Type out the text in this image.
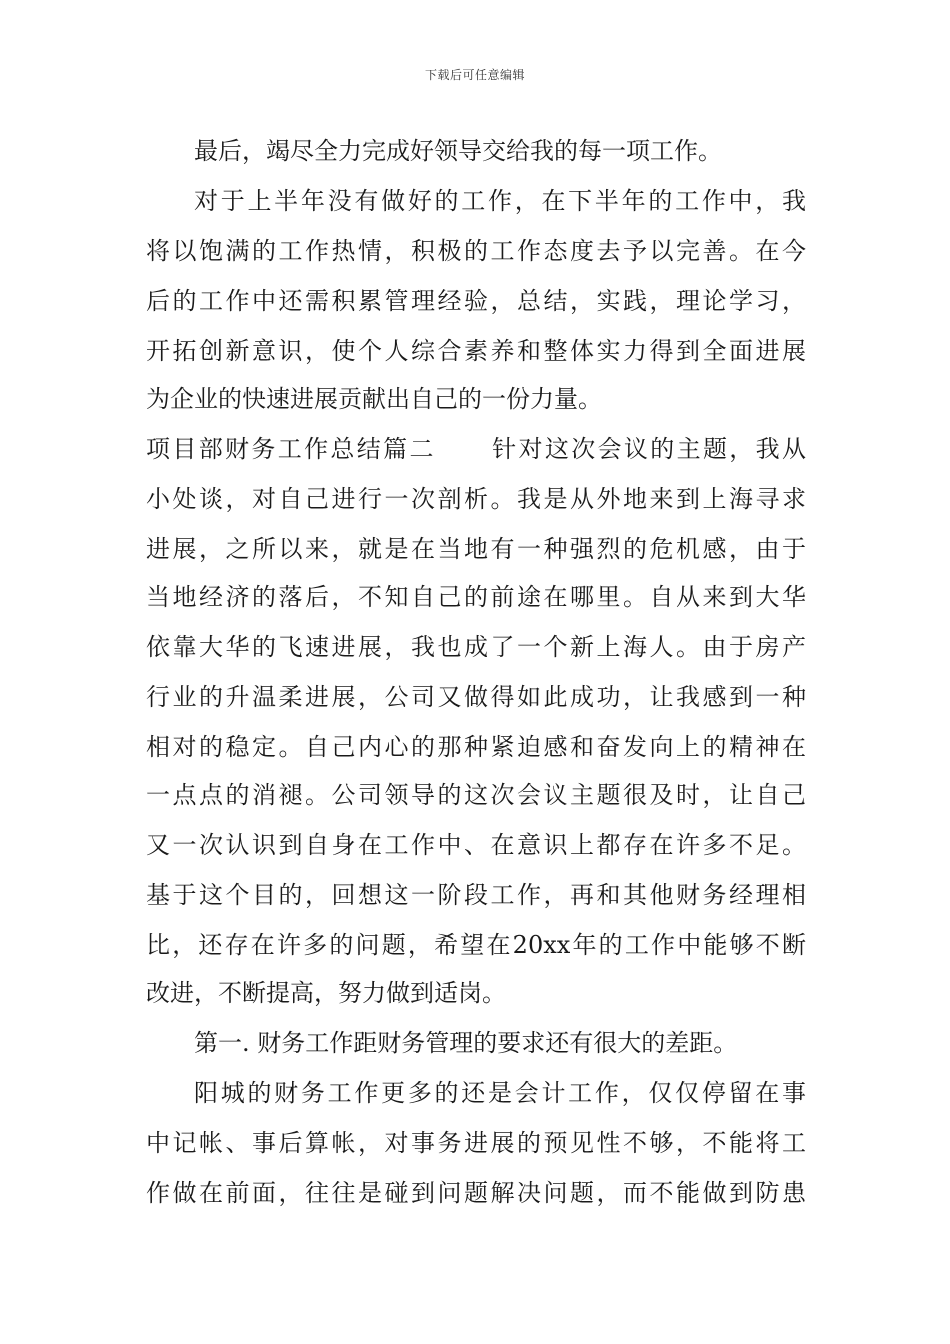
下载后可任意编辑
最后，竭尽全力完成好领导交给我的每一项工作。
对于上半年没有做好的工作，在下半年的工作中，我
将以饱满的工作热情，积极的工作态度去予以完善。在今
后的工作中还需积累管理经验，总结，实践，理论学习，
开拓创新意识，使个人综合素养和整体实力得到全面进展
为企业的快速进展贡献出自己的一份力量。
项目部财务工作总结篇二 针对这次会议的主题，我从
小处谈，对自己进行一次剖析。我是从外地来到上海寻求
进展，之所以来，就是在当地有一种强烈的危机感，由于
当地经济的落后，不知自己的前途在哪里。自从来到大华
依靠大华的飞速进展，我也成了一个新上海人。由于房产
行业的升温柔进展，公司又做得如此成功，让我感到一种
相对的稳定。自己内心的那种紧迫感和奋发向上的精神在
一点点的消褪。公司领导的这次会议主题很及时，让自己
又一次认识到自身在工作中、在意识上都存在许多不足。
基于这个目的，回想这一阶段工作，再和其他财务经理相
比，还存在许多的问题，希望在20xx年的工作中能够不断
改进，不断提高，努力做到适岗。
第一. 财务工作距财务管理的要求还有很大的差距。
阳城的财务工作更多的还是会计工作，仅仅停留在事
中记帐、事后算帐，对事务进展的预见性不够，不能将工
作做在前面，往往是碰到问题解决问题，而不能做到防患
